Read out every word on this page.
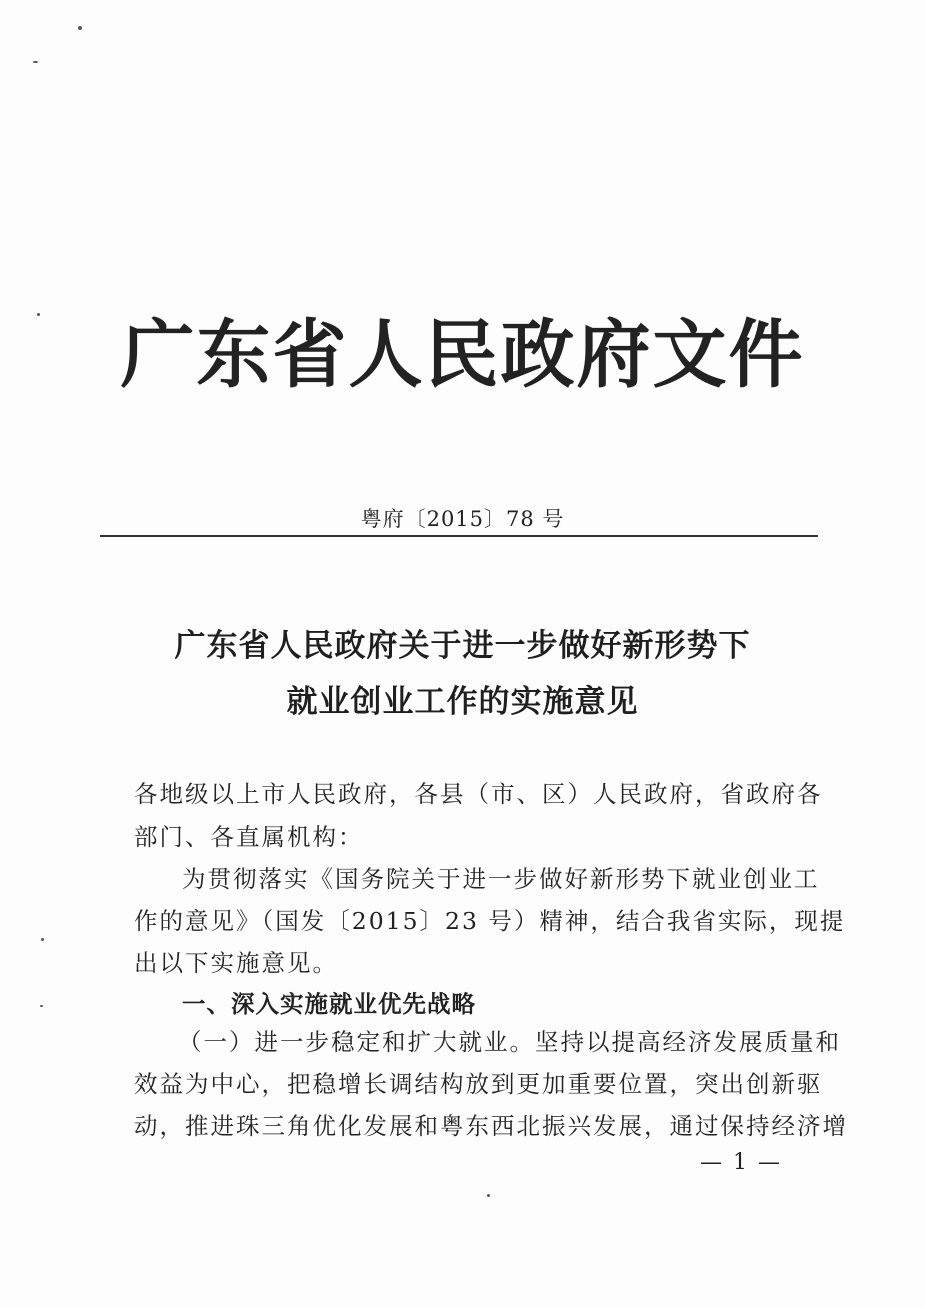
广东省人民政府文件
粤府〔2015〕78 号
广东省人民政府关于进一步做好新形势下
就业创业工作的实施意见
各地级以上市人民政府，各县（市、区）人民政府，省政府各
部门、各直属机构：
为贯彻落实《国务院关于进一步做好新形势下就业创业工
作的意见》（国发〔2015〕23 号）精神，结合我省实际，现提
出以下实施意见。
一、深入实施就业优先战略
（一）进一步稳定和扩大就业。坚持以提高经济发展质量和
效益为中心，把稳增长调结构放到更加重要位置，突出创新驱
动，推进珠三角优化发展和粤东西北振兴发展，通过保持经济增
— 1 —
